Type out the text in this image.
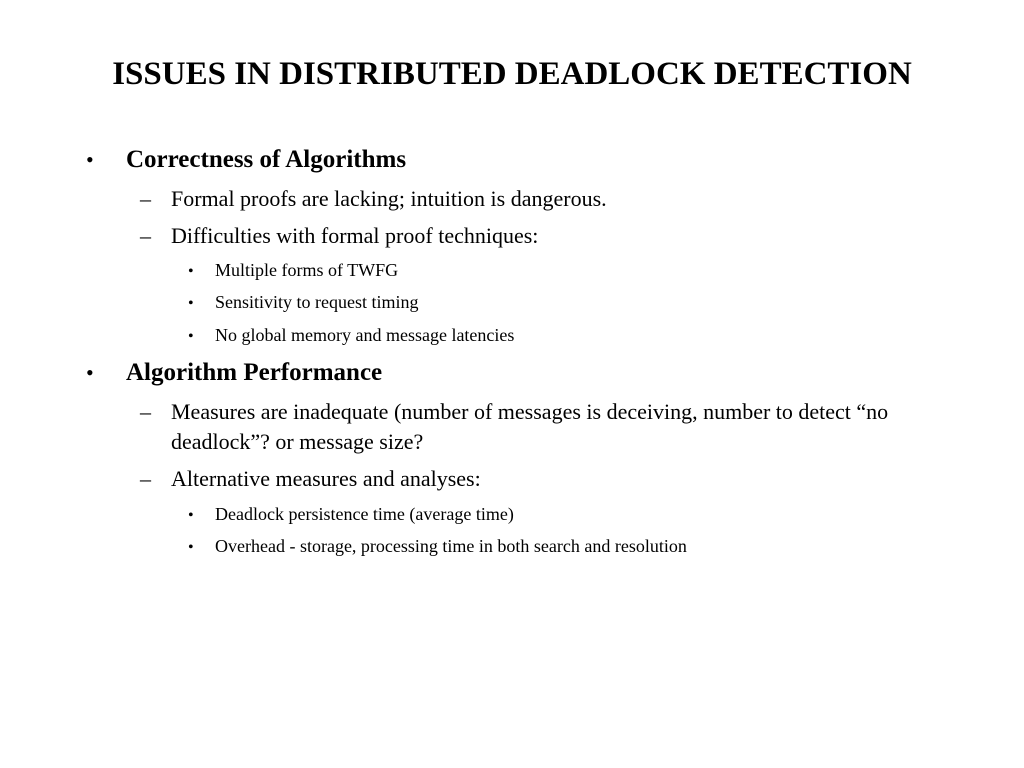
ISSUES IN DISTRIBUTED DEADLOCK DETECTION
•	Correctness of Algorithms
– Formal proofs are lacking; intuition is dangerous.
– Difficulties with formal proof techniques:
•	Multiple forms of TWFG
•	Sensitivity to request timing
•	No global memory and message latencies
•	Algorithm Performance
– Measures are inadequate (number of messages is deceiving, number to detect “no deadlock”? or message size?
– Alternative measures and analyses:
•	Deadlock persistence time (average time)
•	Overhead - storage, processing time in both search and resolution
